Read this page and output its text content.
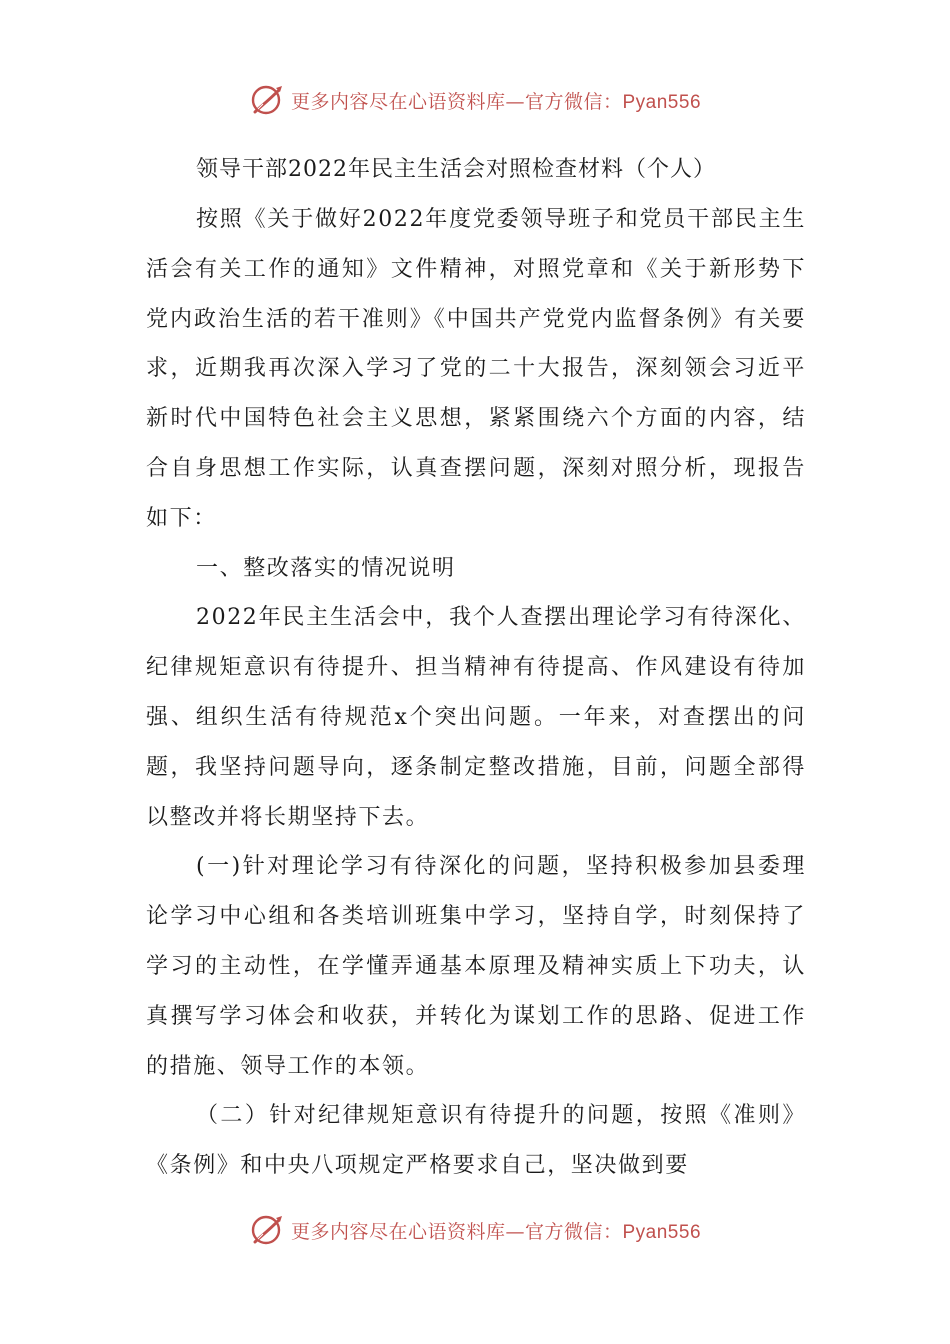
更多内容尽在心语资料库—官方微信：Pyan556

领导干部2022年民主生活会对照检查材料（个人）

按照《关于做好2022年度党委领导班子和党员干部民主生活会有关工作的通知》文件精神，对照党章和《关于新形势下党内政治生活的若干准则》《中国共产党党内监督条例》有关要求，近期我再次深入学习了党的二十大报告，深刻领会习近平新时代中国特色社会主义思想，紧紧围绕六个方面的内容，结合自身思想工作实际，认真查摆问题，深刻对照分析，现报告如下：

一、整改落实的情况说明

2022年民主生活会中，我个人查摆出理论学习有待深化、纪律规矩意识有待提升、担当精神有待提高、作风建设有待加强、组织生活有待规范x个突出问题。一年来，对查摆出的问题，我坚持问题导向，逐条制定整改措施，目前，问题全部得以整改并将长期坚持下去。

(一)针对理论学习有待深化的问题，坚持积极参加县委理论学习中心组和各类培训班集中学习，坚持自学，时刻保持了学习的主动性，在学懂弄通基本原理及精神实质上下功夫，认真撰写学习体会和收获，并转化为谋划工作的思路、促进工作的措施、领导工作的本领。

（二）针对纪律规矩意识有待提升的问题，按照《准则》《条例》和中央八项规定严格要求自己，坚决做到要

更多内容尽在心语资料库—官方微信：Pyan556
